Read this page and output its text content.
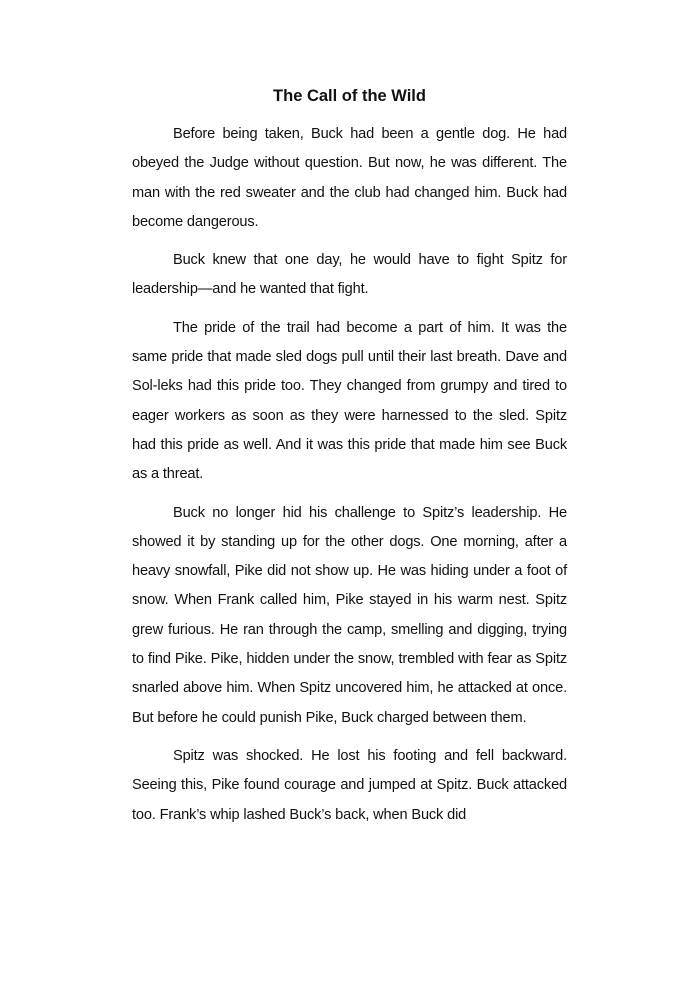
The Call of the Wild

Before being taken, Buck had been a gentle dog. He had obeyed the Judge without question. But now, he was different. The man with the red sweater and the club had changed him. Buck had become dangerous.

Buck knew that one day, he would have to fight Spitz for leadership—and he wanted that fight.

The pride of the trail had become a part of him. It was the same pride that made sled dogs pull until their last breath. Dave and Sol-leks had this pride too. They changed from grumpy and tired to eager workers as soon as they were harnessed to the sled. Spitz had this pride as well. And it was this pride that made him see Buck as a threat.

Buck no longer hid his challenge to Spitz’s leadership. He showed it by standing up for the other dogs. One morning, after a heavy snowfall, Pike did not show up. He was hiding under a foot of snow. When Frank called him, Pike stayed in his warm nest. Spitz grew furious. He ran through the camp, smelling and digging, trying to find Pike. Pike, hidden under the snow, trembled with fear as Spitz snarled above him. When Spitz uncovered him, he attacked at once. But before he could punish Pike, Buck charged between them.

Spitz was shocked. He lost his footing and fell backward. Seeing this, Pike found courage and jumped at Spitz. Buck attacked too. Frank’s whip lashed Buck’s back, when Buck did
